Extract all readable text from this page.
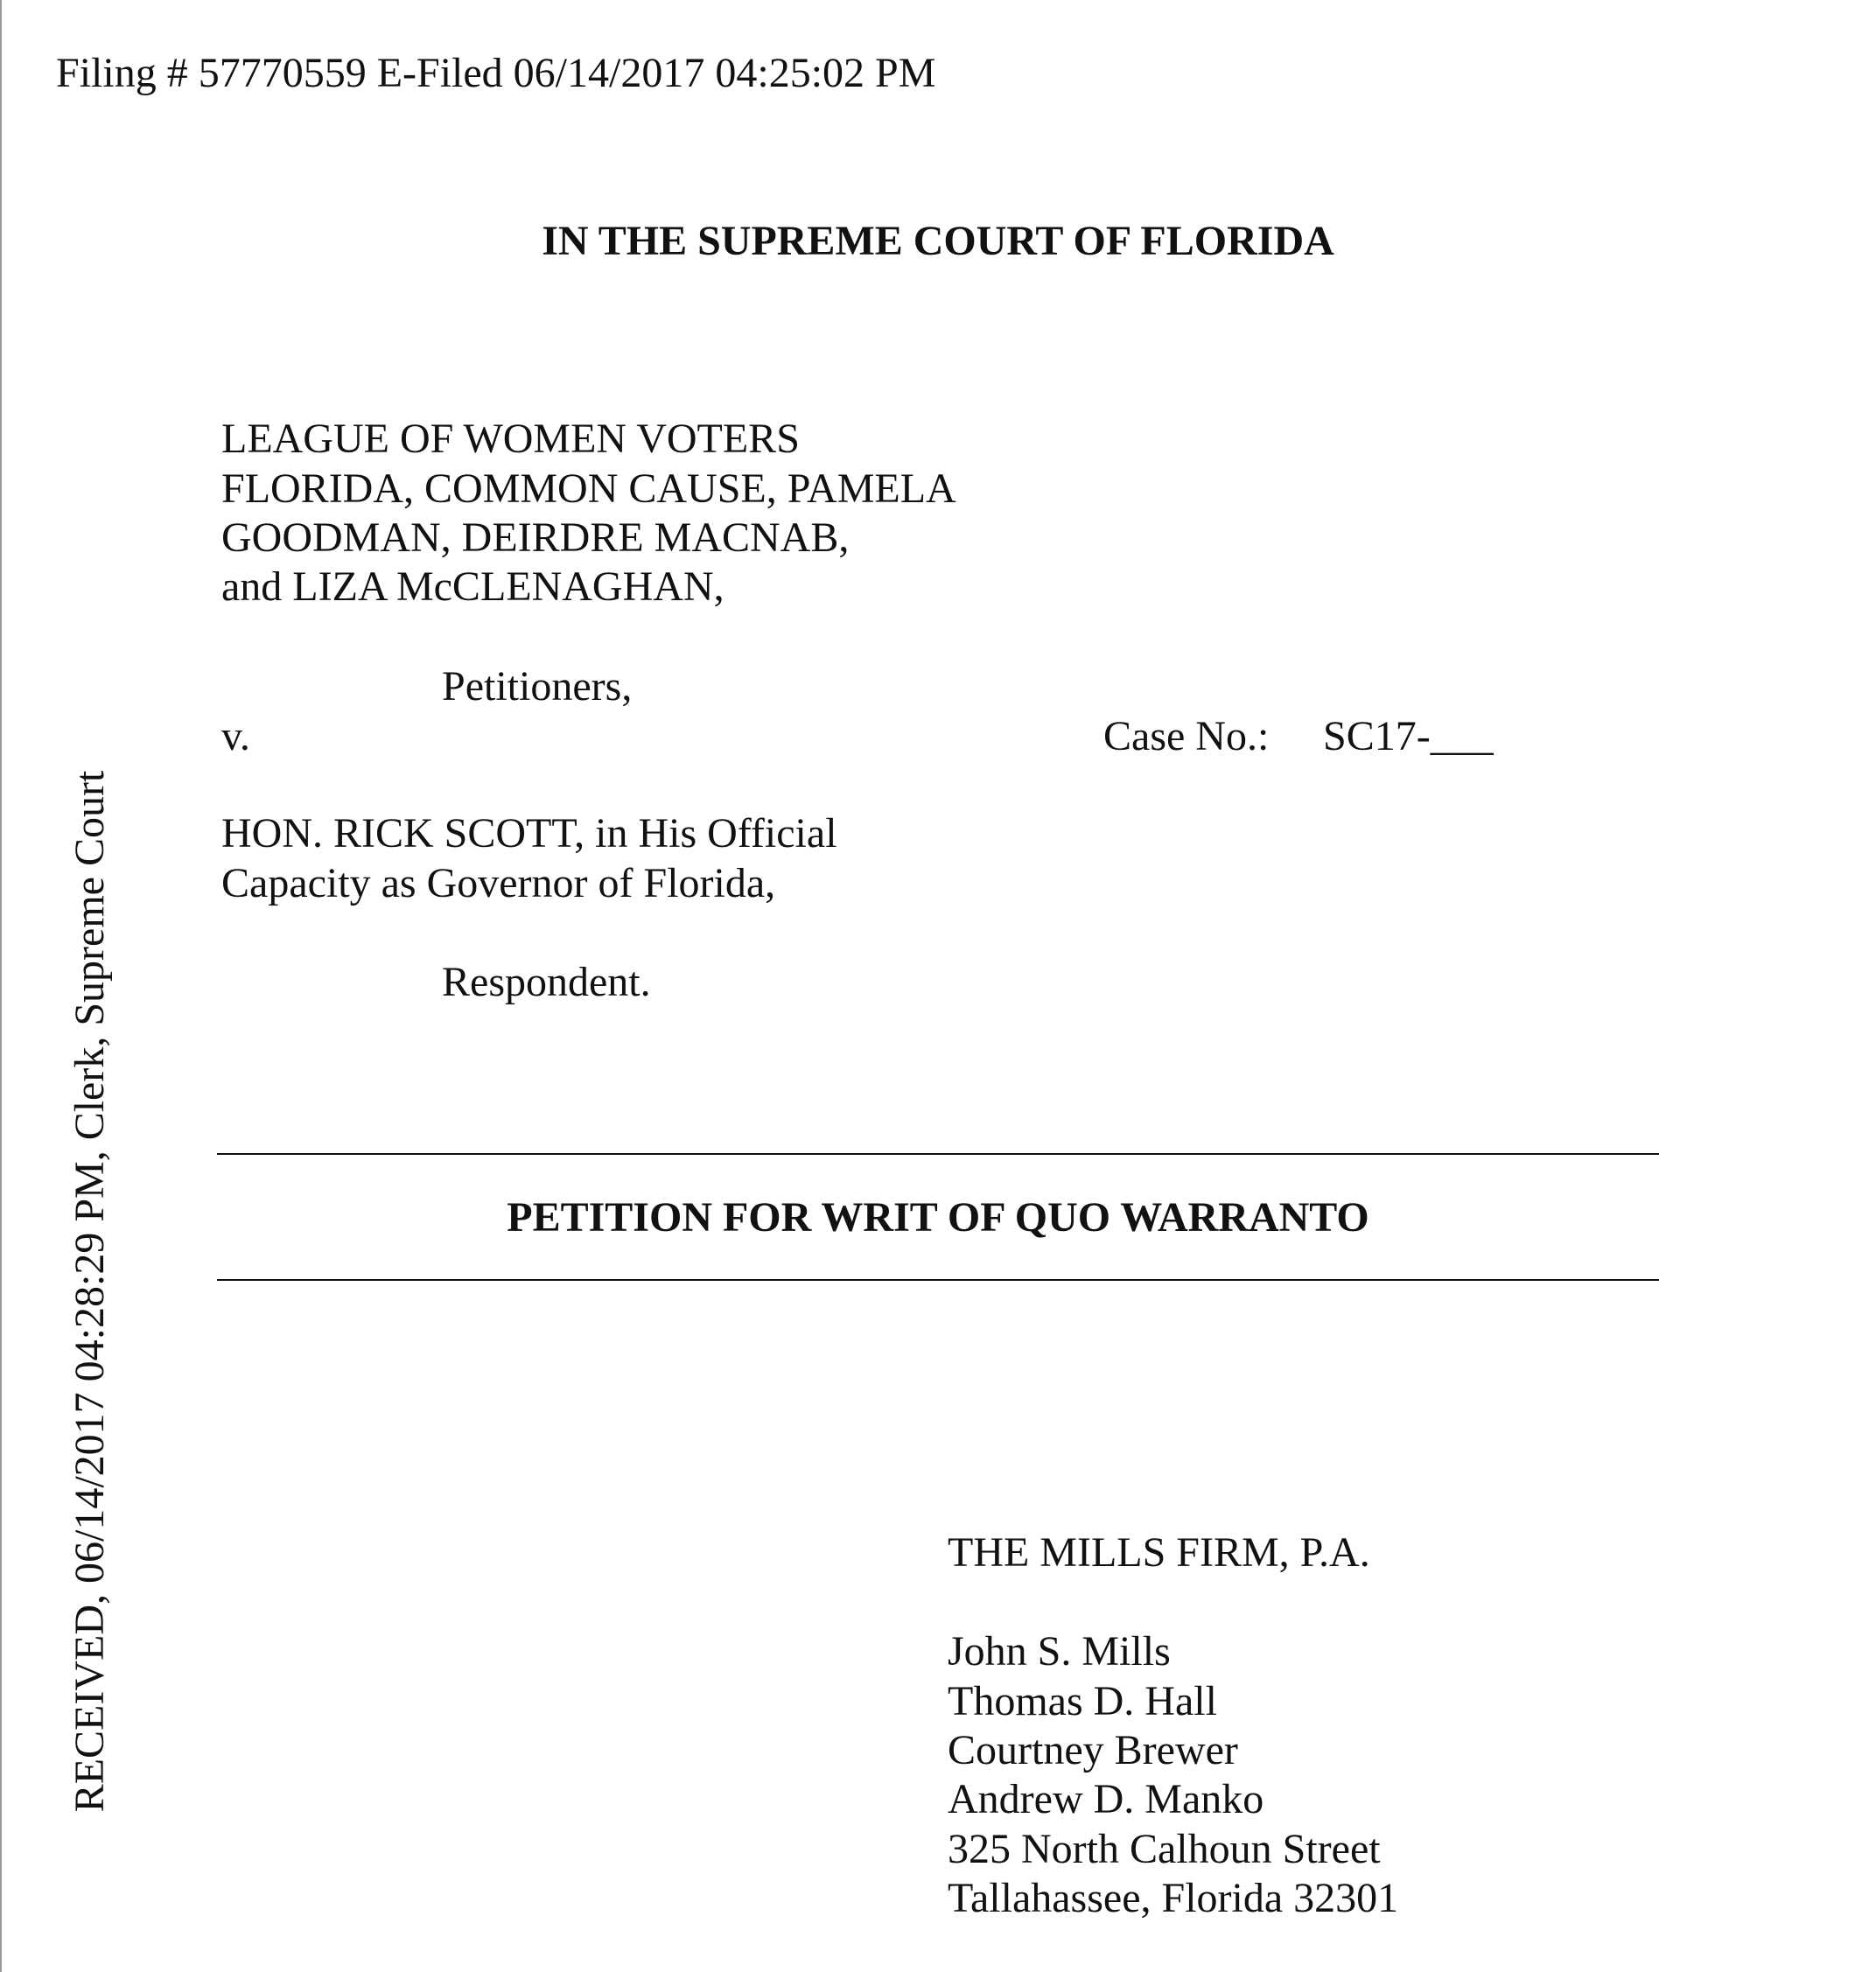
Filing # 57770559 E-Filed 06/14/2017 04:25:02 PM
RECEIVED, 06/14/2017 04:28:29 PM, Clerk, Supreme Court
IN THE SUPREME COURT OF FLORIDA
LEAGUE OF WOMEN VOTERS
FLORIDA, COMMON CAUSE, PAMELA
GOODMAN, DEIRDRE MACNAB,
and LIZA McCLENAGHAN,
Petitioners,
v.	Case No.: SC17-___
HON. RICK SCOTT, in His Official
Capacity as Governor of Florida,
Respondent.
PETITION FOR WRIT OF QUO WARRANTO
THE MILLS FIRM, P.A.
John S. Mills
Thomas D. Hall
Courtney Brewer
Andrew D. Manko
325 North Calhoun Street
Tallahassee, Florida 32301
